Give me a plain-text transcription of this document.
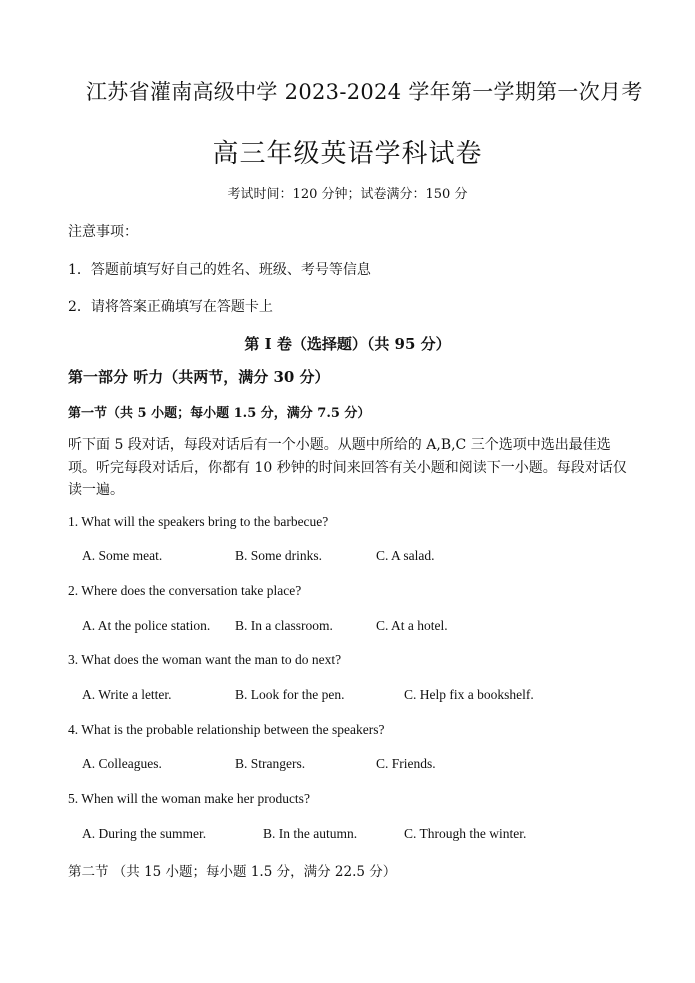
江苏省灌南高级中学 2023-2024 学年第一学期第一次月考
高三年级英语学科试卷
考试时间：120 分钟；试卷满分：150 分
注意事项：
1．答题前填写好自己的姓名、班级、考号等信息
2．请将答案正确填写在答题卡上
第 I 卷（选择题）（共 95 分）
第一部分 听力（共两节，满分 30 分）
第一节（共 5 小题；每小题 1.5 分，满分 7.5 分）
听下面 5 段对话，每段对话后有一个小题。从题中所给的 A,B,C 三个选项中选出最佳选项。听完每段对话后，你都有 10 秒钟的时间来回答有关小题和阅读下一小题。每段对话仅读一遍。
1. What will the speakers bring to the barbecue?
A. Some meat.	B. Some drinks.	C. A salad.
2. Where does the conversation take place?
A. At the police station. B. In a classroom.	C. At a hotel.
3. What does the woman want the man to do next?
A. Write a letter.	B. Look for the pen.	C. Help fix a bookshelf.
4. What is the probable relationship between the speakers?
A. Colleagues.	B. Strangers.	C. Friends.
5. When will the woman make her products?
A. During the summer.	B. In the autumn.	C. Through the winter.
第二节 （共 15 小题；每小题 1.5 分，满分 22.5 分）
